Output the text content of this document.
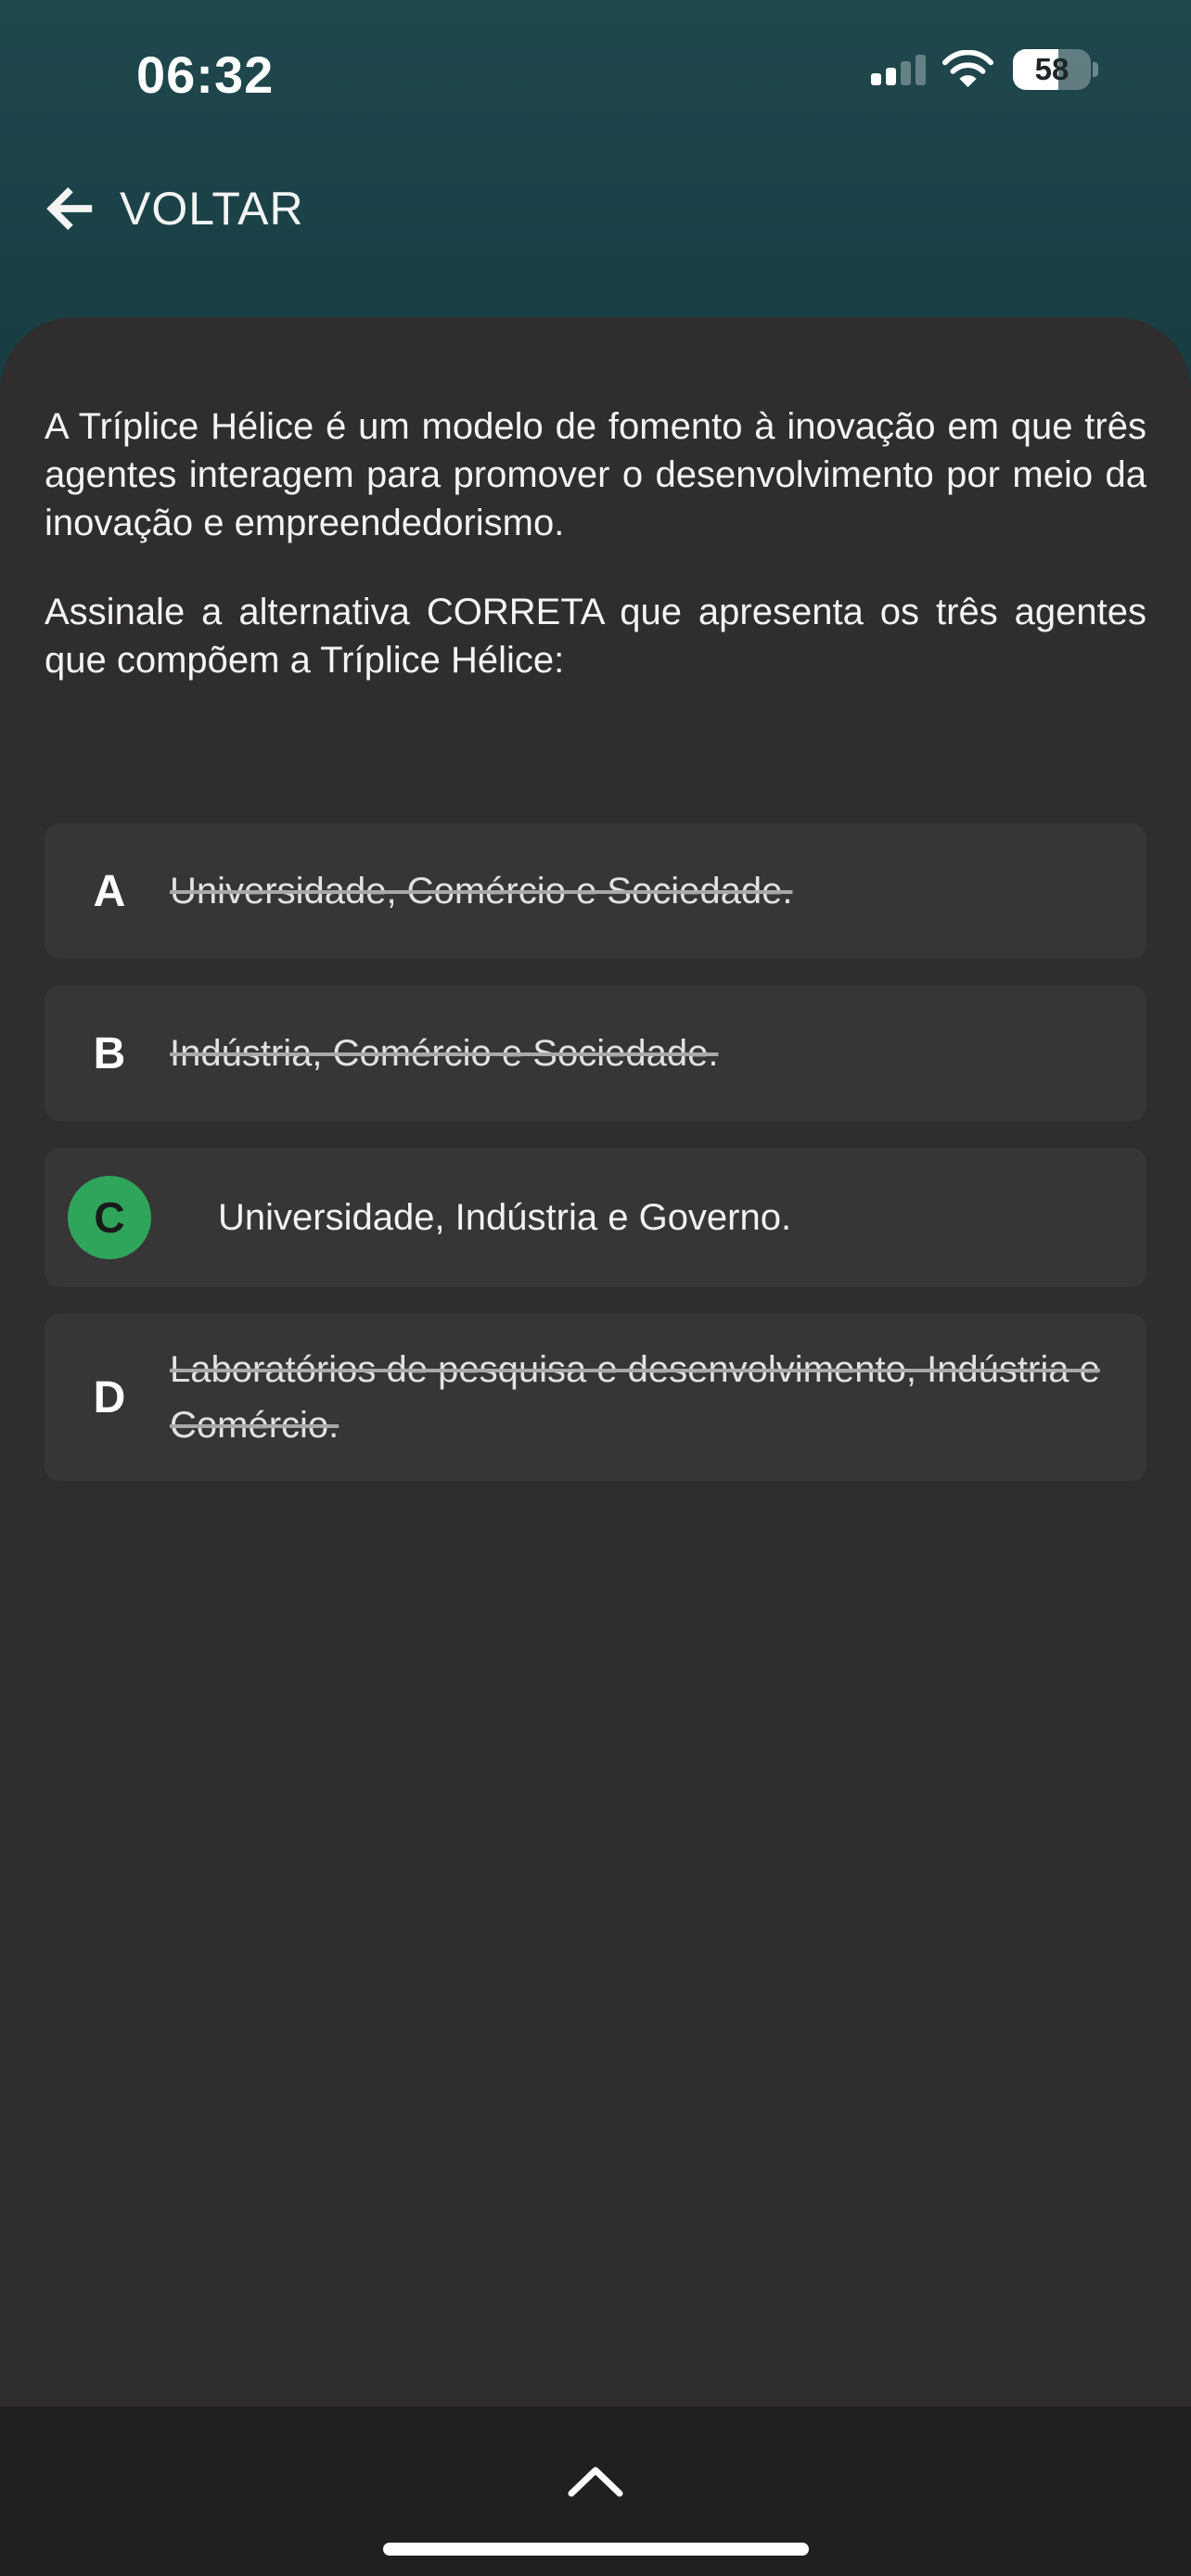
06:32	58
VOLTAR

A Tríplice Hélice é um modelo de fomento à inovação em que três agentes interagem para promover o desenvolvimento por meio da inovação e empreendedorismo.

Assinale a alternativa CORRETA que apresenta os três agentes que compõem a Tríplice Hélice:

A	Universidade, Comércio e Sociedade.
B	Indústria, Comércio e Sociedade.
C	Universidade, Indústria e Governo.
D
Laboratórios de pesquisa e desenvolvimento, Indústria e Comércio.
